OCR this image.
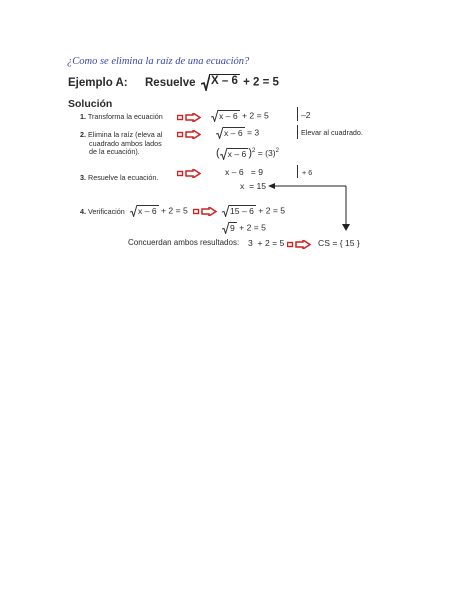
¿Como se elimina la raíz de una ecuación?
Ejemplo A: Resuelve X – 6 + 2 = 5
Solución
1. Transforma la ecuación	x – 6 + 2 = 5	–2
2. Elimina la raíz (eleva al
cuadrado ambos lados
de la ecuación).
x – 6 = 3	Elevar al cuadrado.
( x – 6 )$^2 = (3)^2$
3. Resuelve la ecuación.
x – 6   = 9	+ 6
x  = 15
4. Verificación x – 6 + 2 = 5	15 – 6 + 2 = 5
9 + 2 = 5
Concuerdan ambos resultados: 3  + 2 = 5	CS = { 15 }
